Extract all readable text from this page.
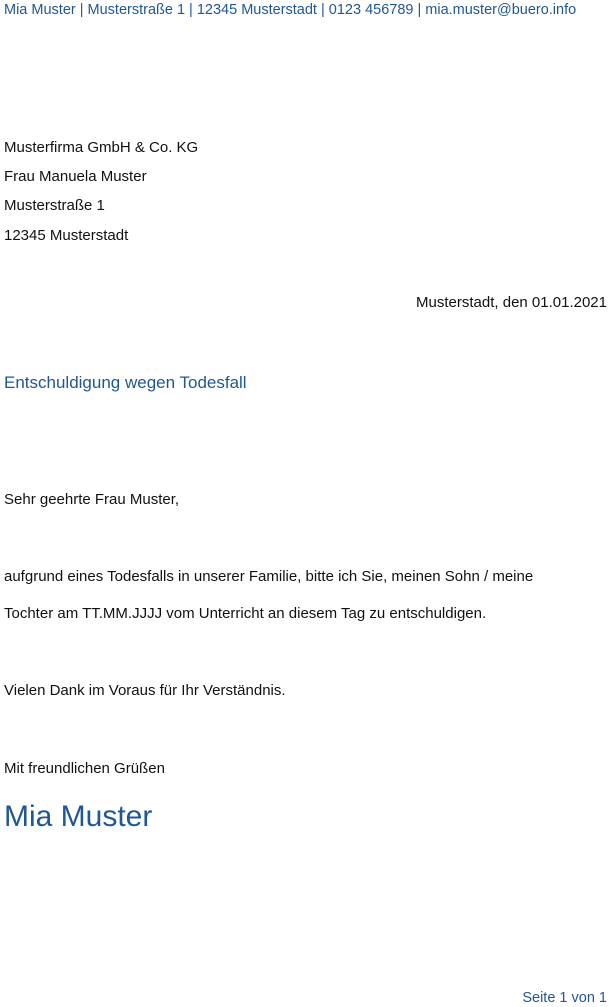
Mia Muster | Musterstraße 1 | 12345 Musterstadt | 0123 456789 | mia.muster@buero.info
Musterfirma GmbH & Co. KG
Frau Manuela Muster
Musterstraße 1
12345 Musterstadt
Musterstadt, den 01.01.2021
Entschuldigung wegen Todesfall
Sehr geehrte Frau Muster,
aufgrund eines Todesfalls in unserer Familie, bitte ich Sie, meinen Sohn / meine
Tochter am TT.MM.JJJJ vom Unterricht an diesem Tag zu entschuldigen.
Vielen Dank im Voraus für Ihr Verständnis.
Mit freundlichen Grüßen
Mia Muster
Seite 1 von 1
